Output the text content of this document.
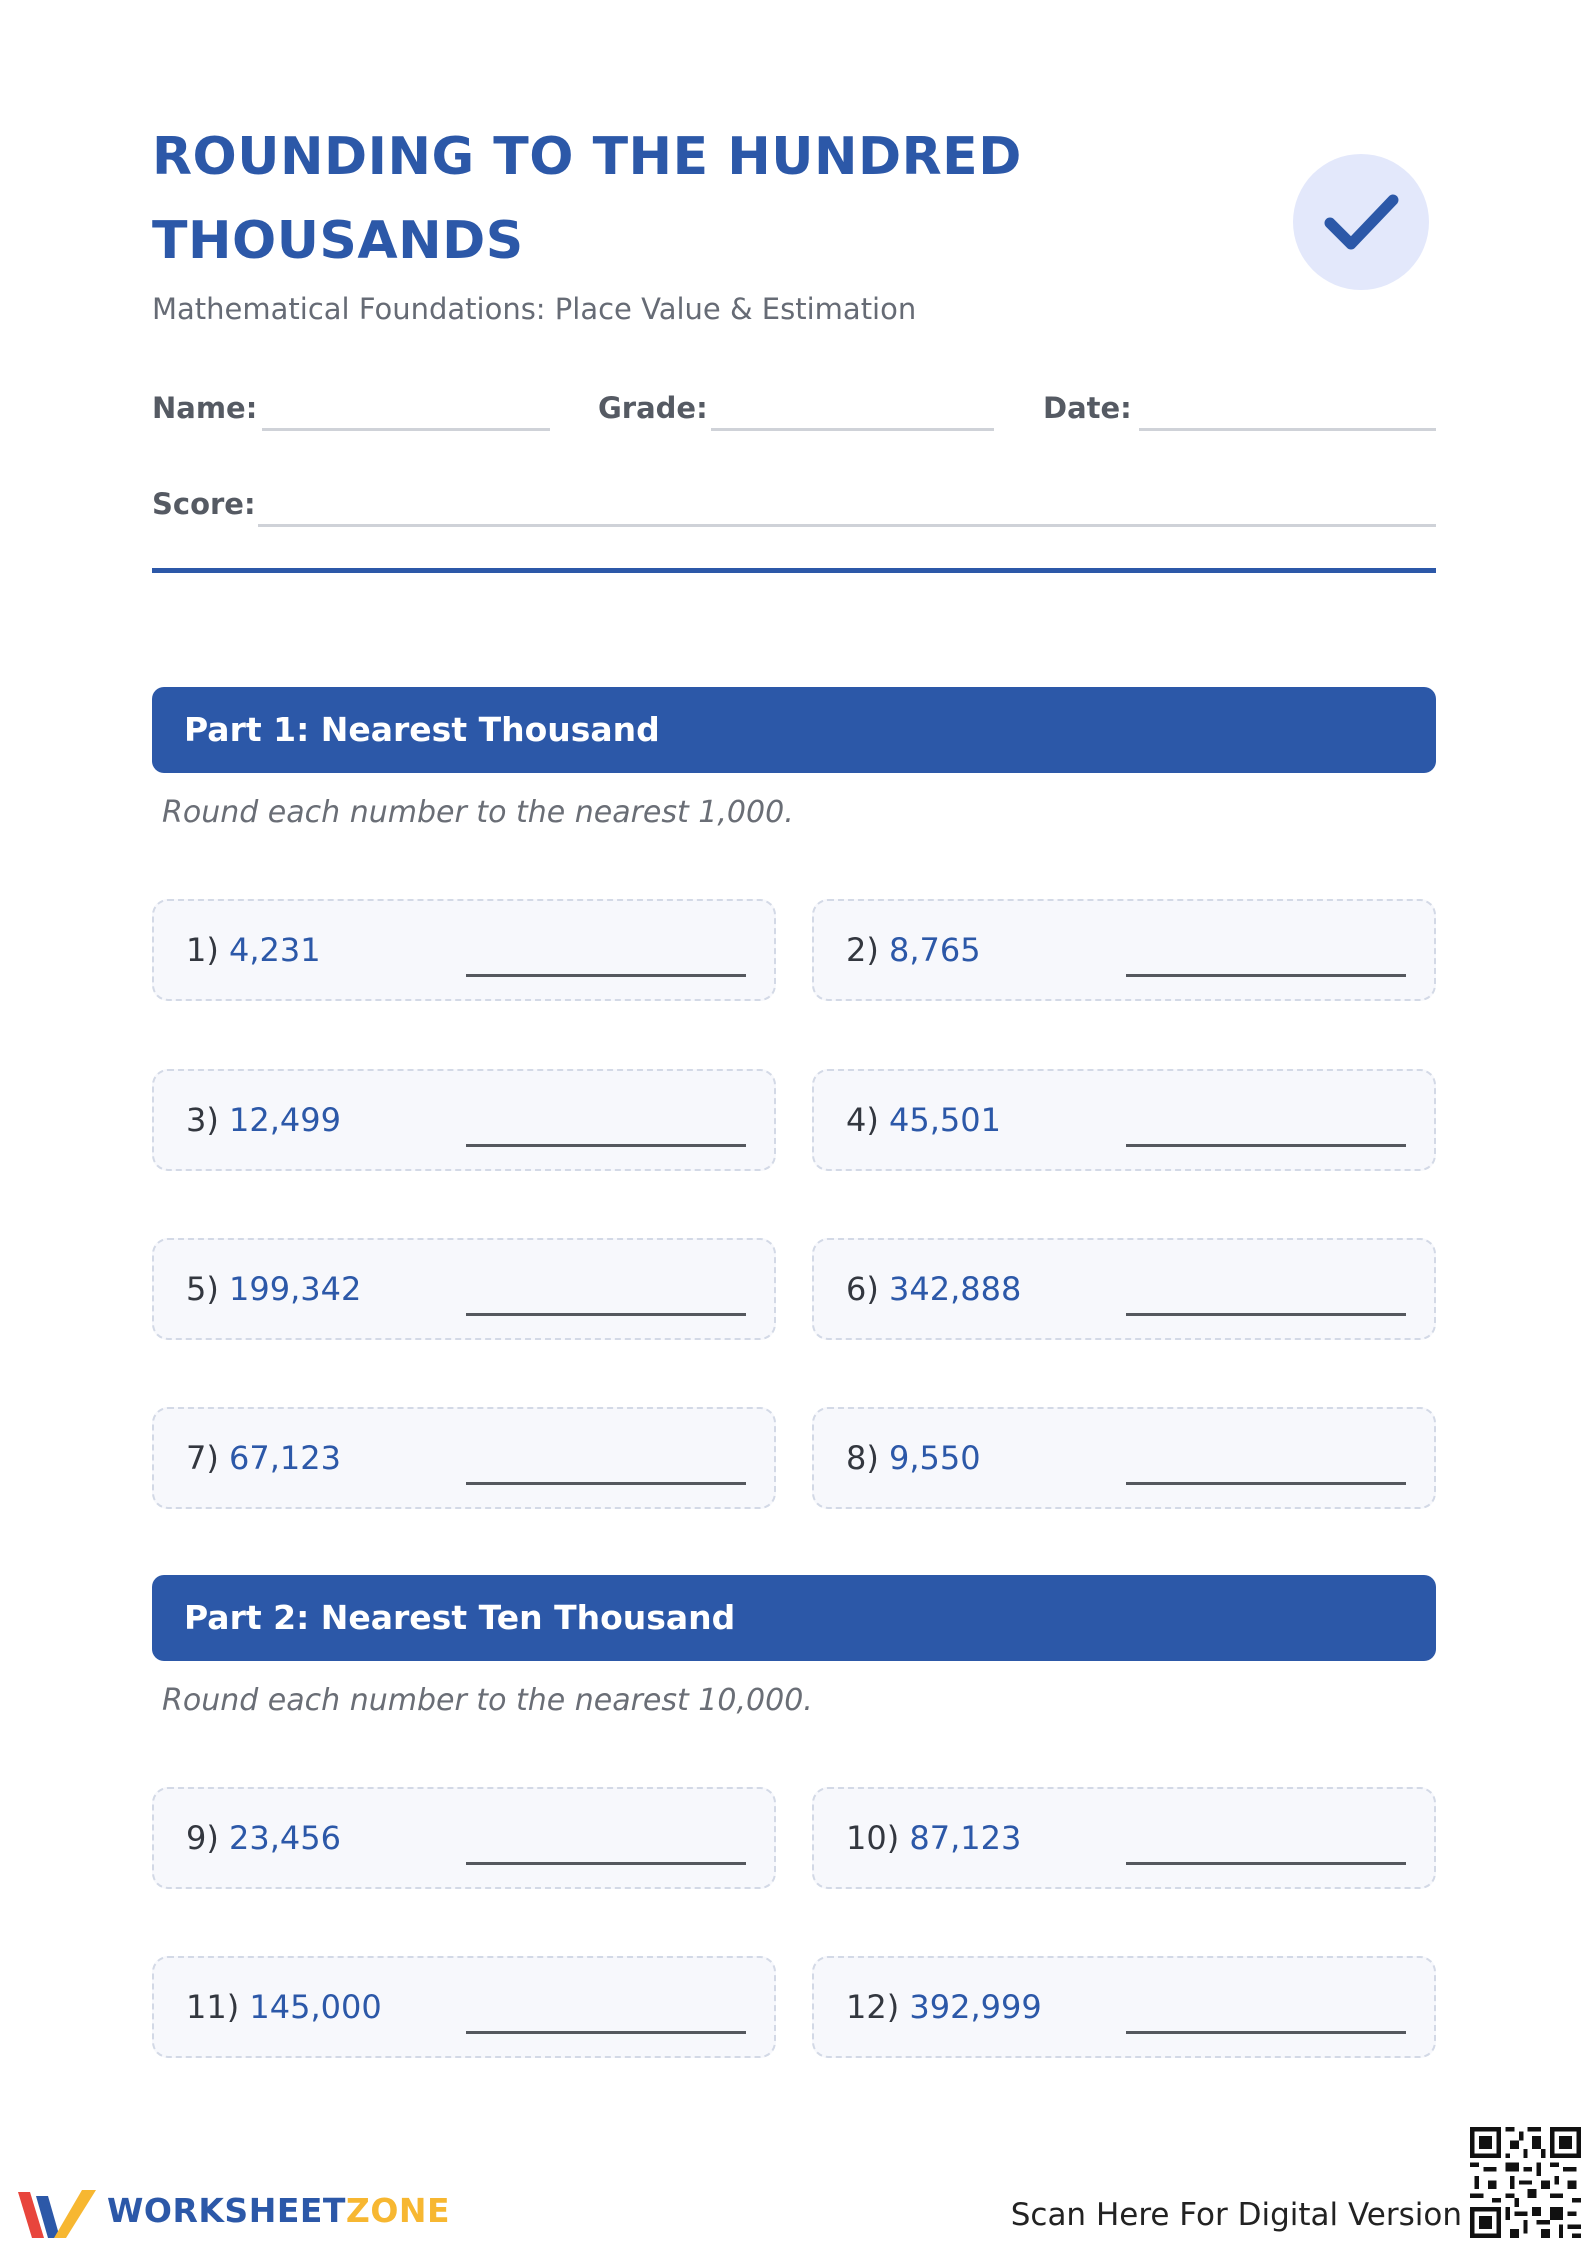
ROUNDING TO THE HUNDRED THOUSANDS
Mathematical Foundations: Place Value & Estimation
Name:	Grade:	Date:
Score:
Part 1: Nearest Thousand
Round each number to the nearest 1,000.
1) 4,231	2) 8,765
3) 12,499	4) 45,501
5) 199,342	6) 342,888
7) 67,123	8) 9,550
Part 2: Nearest Ten Thousand
Round each number to the nearest 10,000.
9) 23,456	10) 87,123
11) 145,000	12) 392,999
WORKSHEETZONE	Scan Here For Digital Version
